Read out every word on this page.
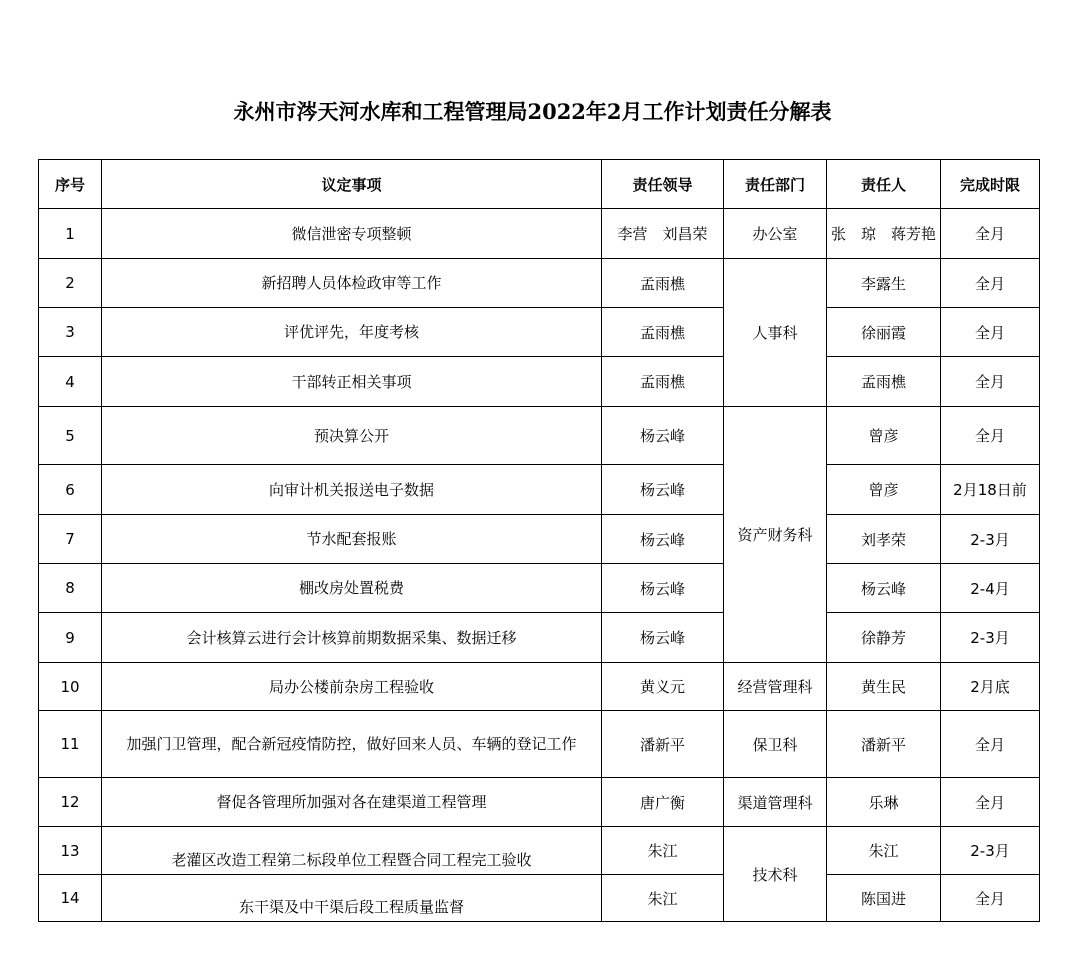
永州市涔天河水库和工程管理局2022年2月工作计划责任分解表
序号	议定事项	责任领导	责任部门	责任人	完成时限
1	微信泄密专项整顿	李营　刘昌荣	办公室	张　琼　蒋芳艳	全月
2	新招聘人员体检政审等工作	孟雨樵	人事科	李露生	全月
3	评优评先，年度考核	孟雨樵		徐丽霞	全月
4	干部转正相关事项	孟雨樵		孟雨樵	全月
5	预决算公开	杨云峰	资产财务科	曾彦	全月
6	向审计机关报送电子数据	杨云峰		曾彦	2月18日前
7	节水配套报账	杨云峰		刘孝荣	2-3月
8	棚改房处置税费	杨云峰		杨云峰	2-4月
9	会计核算云进行会计核算前期数据采集、数据迁移	杨云峰		徐静芳	2-3月
10	局办公楼前杂房工程验收	黄义元	经营管理科	黄生民	2月底
11	加强门卫管理，配合新冠疫情防控，做好回来人员、车辆的登记工作	潘新平	保卫科	潘新平	全月
12	督促各管理所加强对各在建渠道工程管理	唐广衡	渠道管理科	乐琳	全月
13	老灌区改造工程第二标段单位工程暨合同工程完工验收	朱江	技术科	朱江	2-3月
14	东干渠及中干渠后段工程质量监督	朱江		陈国进	全月
